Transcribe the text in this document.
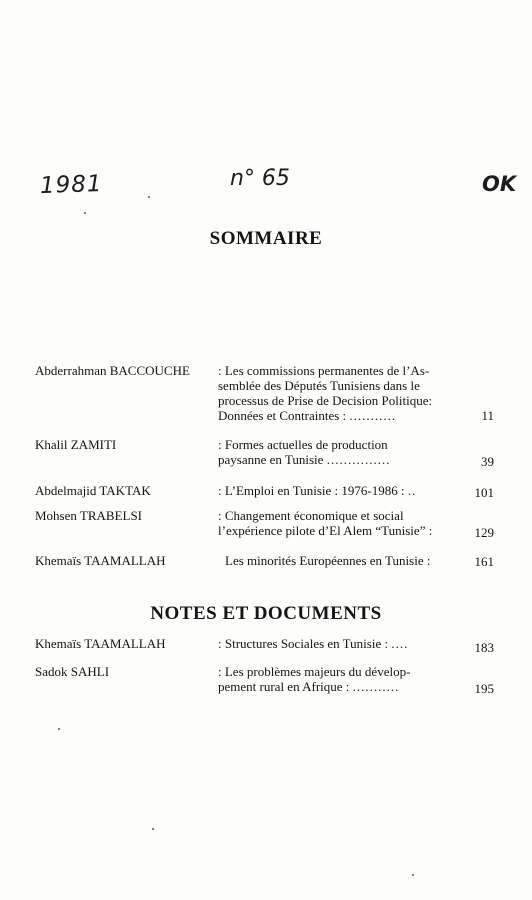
1981	n° 65	OK
SOMMAIRE
Abderrahman BACCOUCHE : Les commissions permanentes de l’As-
semblée des Députés Tunisiens dans le
processus de Prise de Decision Politique:
Données et Contraintes : ...........	11
Khalil ZAMITI	: Formes actuelles de production
paysanne en Tunisie ...............	39
Abdelmajid TAKTAK	: L’Emploi en Tunisie : 1976-1986 : ..	101
Mohsen TRABELSI	: Changement économique et social
l’expérience pilote d’El Alem “Tunisie” :	129
Khemaïs TAAMALLAH	Les minorités Européennes en Tunisie :	161
NOTES ET DOCUMENTS
Khemaïs TAAMALLAH	: Structures Sociales en Tunisie : ....	183
Sadok SAHLI	: Les problèmes majeurs du dévelop-
pement rural en Afrique : ...........	195
